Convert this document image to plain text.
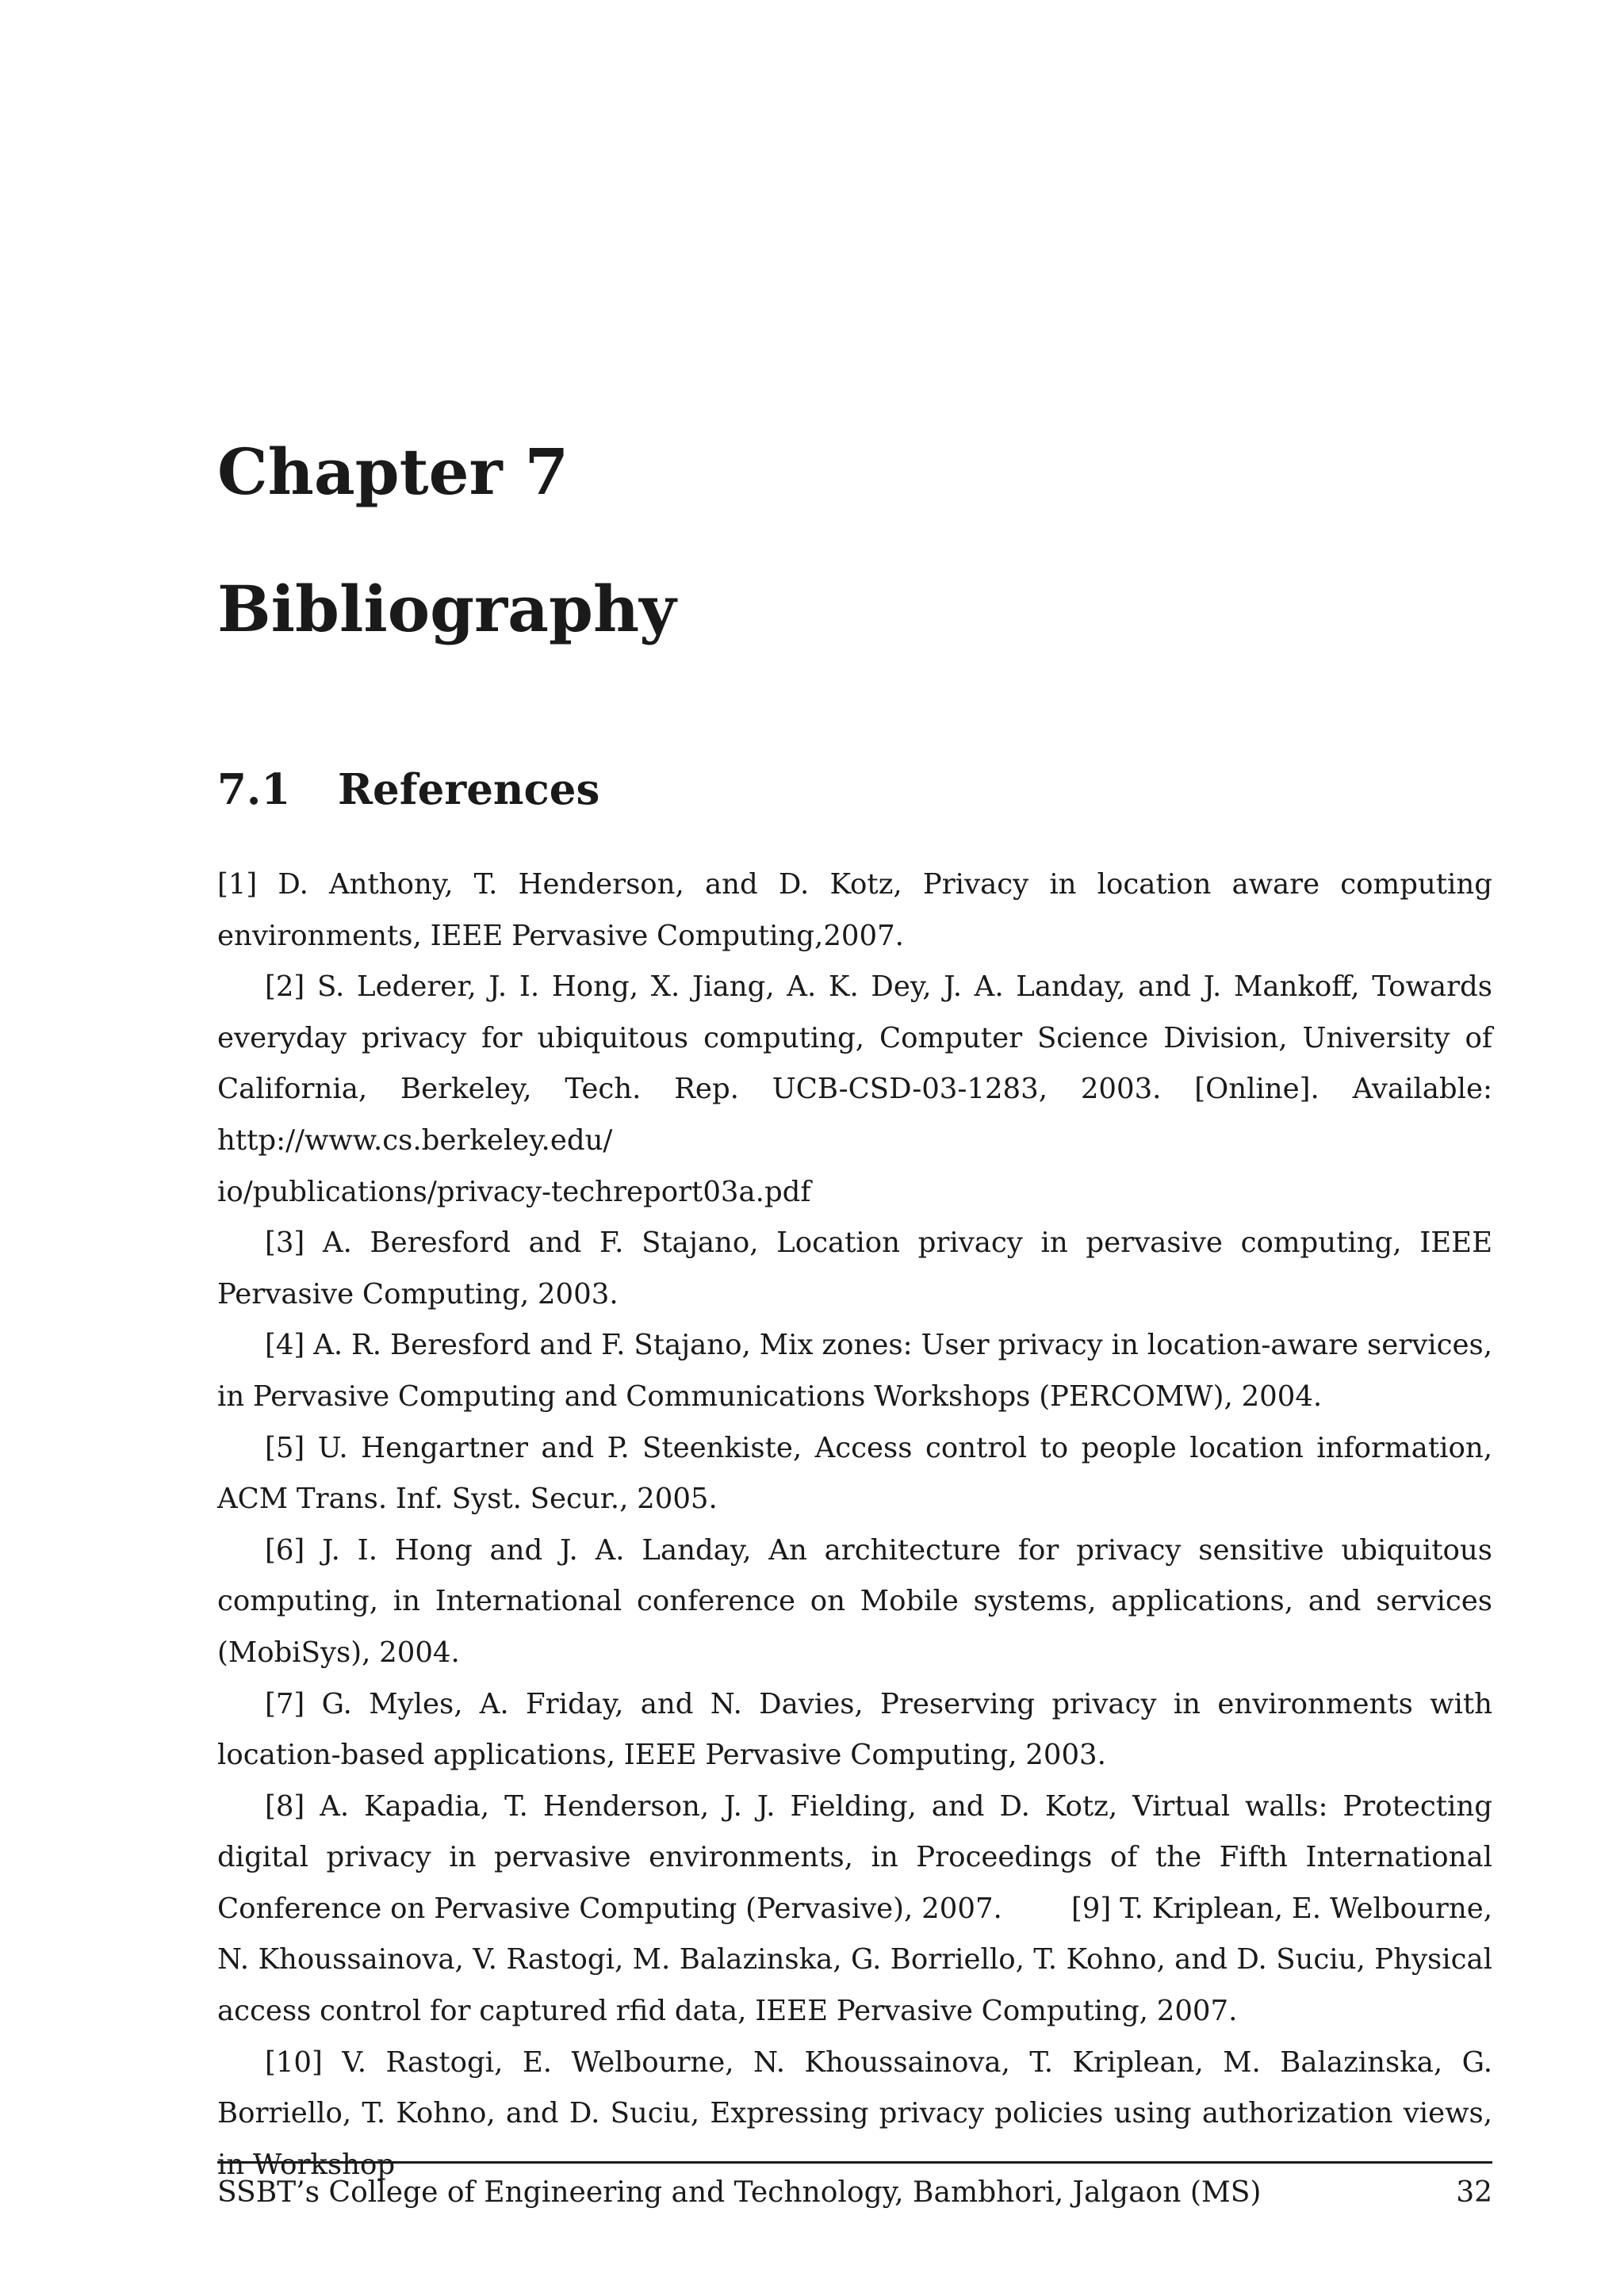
Chapter 7
Bibliography
7.1 References

[1] D. Anthony, T. Henderson, and D. Kotz, Privacy in location aware computing environments, IEEE Pervasive Computing,2007.

[2] S. Lederer, J. I. Hong, X. Jiang, A. K. Dey, J. A. Landay, and J. Mankoff, Towards everyday privacy for ubiquitous computing, Computer Science Division, University of California, Berkeley, Tech. Rep. UCB-CSD-03-1283, 2003. [Online]. Available: http://www.cs.berkeley.edu/
io/publications/privacy-techreport03a.pdf

[3] A. Beresford and F. Stajano, Location privacy in pervasive computing, IEEE Pervasive Computing, 2003.

[4] A. R. Beresford and F. Stajano, Mix zones: User privacy in location-aware services, in Pervasive Computing and Communications Workshops (PERCOMW), 2004.

[5] U. Hengartner and P. Steenkiste, Access control to people location information, ACM Trans. Inf. Syst. Secur., 2005.

[6] J. I. Hong and J. A. Landay, An architecture for privacy sensitive ubiquitous computing, in International conference on Mobile systems, applications, and services (MobiSys), 2004.

[7] G. Myles, A. Friday, and N. Davies, Preserving privacy in environments with location-based applications, IEEE Pervasive Computing, 2003.

[8] A. Kapadia, T. Henderson, J. J. Fielding, and D. Kotz, Virtual walls: Protecting digital privacy in pervasive environments, in Proceedings of the Fifth International Conference on Pervasive Computing (Pervasive), 2007. [9] T. Kriplean, E. Welbourne, N. Khoussainova, V. Rastogi, M. Balazinska, G. Borriello, T. Kohno, and D. Suciu, Physical access control for captured rfid data, IEEE Pervasive Computing, 2007.

[10] V. Rastogi, E. Welbourne, N. Khoussainova, T. Kriplean, M. Balazinska, G. Borriello, T. Kohno, and D. Suciu, Expressing privacy policies using authorization views, in Workshop

SSBT’s College of Engineering and Technology, Bambhori, Jalgaon (MS)	32
